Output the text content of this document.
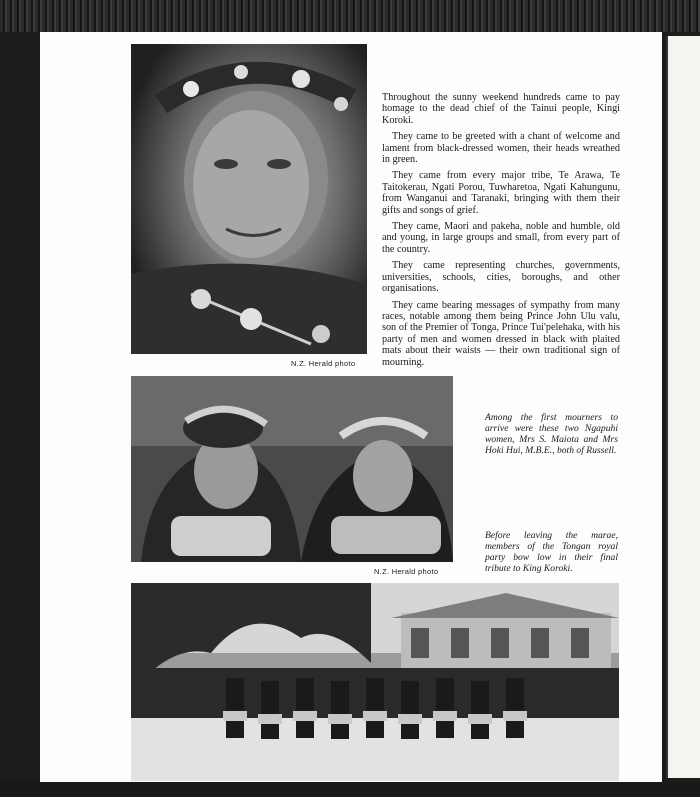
N.Z. Herald photo

Throughout the sunny weekend hundreds came to pay homage to the dead chief of the Tainui people, Kingi Koroki.

They came to be greeted with a chant of welcome and lament from black-dressed women, their heads wreathed in green.

They came from every major tribe, Te Arawa, Te Taitokerau, Ngati Porou, Tuwharetoa, Ngati Kahungunu, from Wanganui and Taranaki, bringing with them their gifts and songs of grief.

They came, Maori and pakeha, noble and humble, old and young, in large groups and small, from every part of the country.

They came representing churches, governments, universities, schools, cities, boroughs, and other organisations.

They came bearing messages of sympathy from many races, notable among them being Prince John Ulu valu, son of the Premier of Tonga, Prince Tui'pelehaka, with his party of men and women dressed in black with plaited mats about their waists — their own traditional sign of mourning.

N.Z. Herald photo
Among the first mourners to arrive were these two Ngapuhi women, Mrs S. Maiota and Mrs Hoki Hui, M.B.E., both of Russell.
Before leaving the marae, members of the Tongan royal party bow low in their final tribute to King Koroki.
